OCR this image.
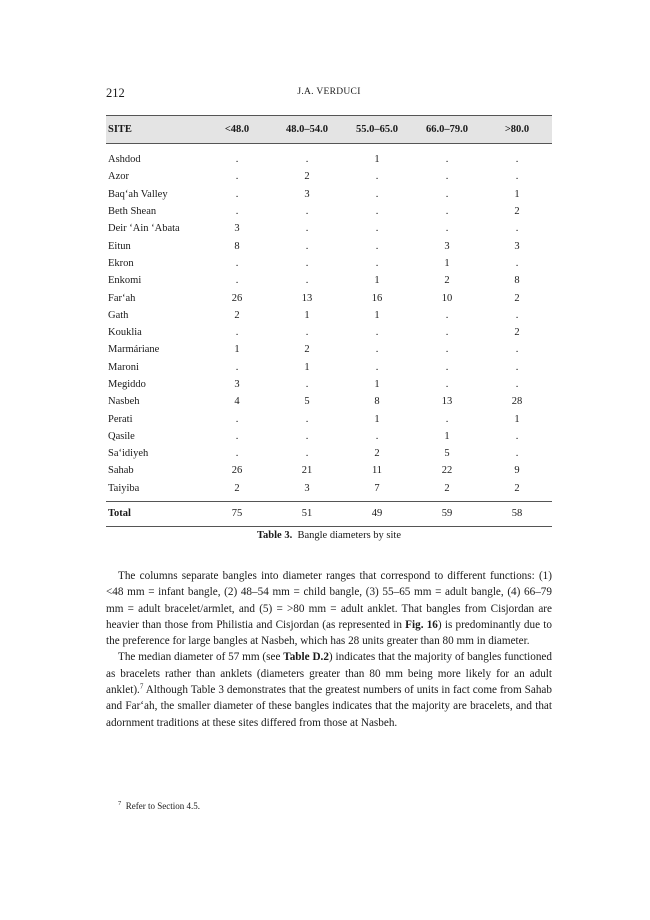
212	J.A. VERDUCI
SITE	<48.0	48.0–54.0	55.0–65.0	66.0–79.0	>80.0
Ashdod	.	.	1	.	.
Azor	.	2	.	.	.
Baq‘ah Valley	.	3	.	.	1
Beth Shean	.	.	.	.	2
Deir ‘Ain ‘Abata	3	.	.	.	.
Eitun	8	.	.	3	3
Ekron	.	.	.	1	.
Enkomi	.	.	1	2	8
Far‘ah	26	13	16	10	2
Gath	2	1	1	.	.
Kouklia	.	.	.	.	2
Marmáriane	1	2	.	.	.
Maroni	.	1	.	.	.
Megiddo	3	.	1	.	.
Nasbeh	4	5	8	13	28
Perati	.	.	1	.	1
Qasile	.	.	.	1	.
Sa‘idiyeh	.	.	2	5	.
Sahab	26	21	11	22	9
Taiyiba	2	3	7	2	2
Total	75	51	49	59	58
Table 3. Bangle diameters by site

The columns separate bangles into diameter ranges that correspond to different functions: (1) <48 mm = infant bangle, (2) 48–54 mm = child bangle, (3) 55–65 mm = adult bangle, (4) 66–79 mm = adult bracelet/armlet, and (5) = >80 mm = adult anklet. That bangles from Cisjordan are heavier than those from Philistia and Cisjordan (as represented in Fig. 16) is predominantly due to the preference for large bangles at Nasbeh, which has 28 units greater than 80 mm in diameter.

The median diameter of 57 mm (see Table D.2) indicates that the majority of bangles functioned as bracelets rather than anklets (diameters greater than 80 mm being more likely for an adult anklet).$^7$ Although Table 3 demonstrates that the greatest numbers of units in fact come from Sahab and Far‘ah, the smaller diameter of these bangles indicates that the majority are bracelets, and that adornment traditions at these sites differed from those at Nasbeh.

$^7$ Refer to Section 4.5.
